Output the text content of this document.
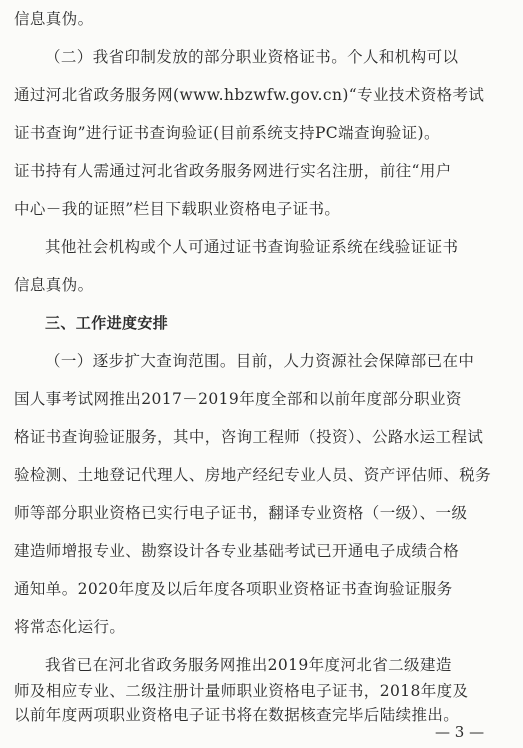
信息真伪。
（二）我省印制发放的部分职业资格证书。个人和机构可以
通过河北省政务服务网(www.hbzwfw.gov.cn)“专业技术资格考试
证书查询”进行证书查询验证(目前系统支持PC端查询验证)。
证书持有人需通过河北省政务服务网进行实名注册，前往“用户
中心－我的证照”栏目下载职业资格电子证书。
其他社会机构或个人可通过证书查询验证系统在线验证证书
信息真伪。
三、工作进度安排
（一）逐步扩大查询范围。目前，人力资源社会保障部已在中
国人事考试网推出2017－2019年度全部和以前年度部分职业资
格证书查询验证服务，其中，咨询工程师（投资）、公路水运工程试
验检测、土地登记代理人、房地产经纪专业人员、资产评估师、税务
师等部分职业资格已实行电子证书，翻译专业资格（一级）、一级
建造师增报专业、勘察设计各专业基础考试已开通电子成绩合格
通知单。2020年度及以后年度各项职业资格证书查询验证服务
将常态化运行。
我省已在河北省政务服务网推出2019年度河北省二级建造
师及相应专业、二级注册计量师职业资格电子证书，2018年度及
以前年度两项职业资格电子证书将在数据核查完毕后陆续推出。
— 3 —
